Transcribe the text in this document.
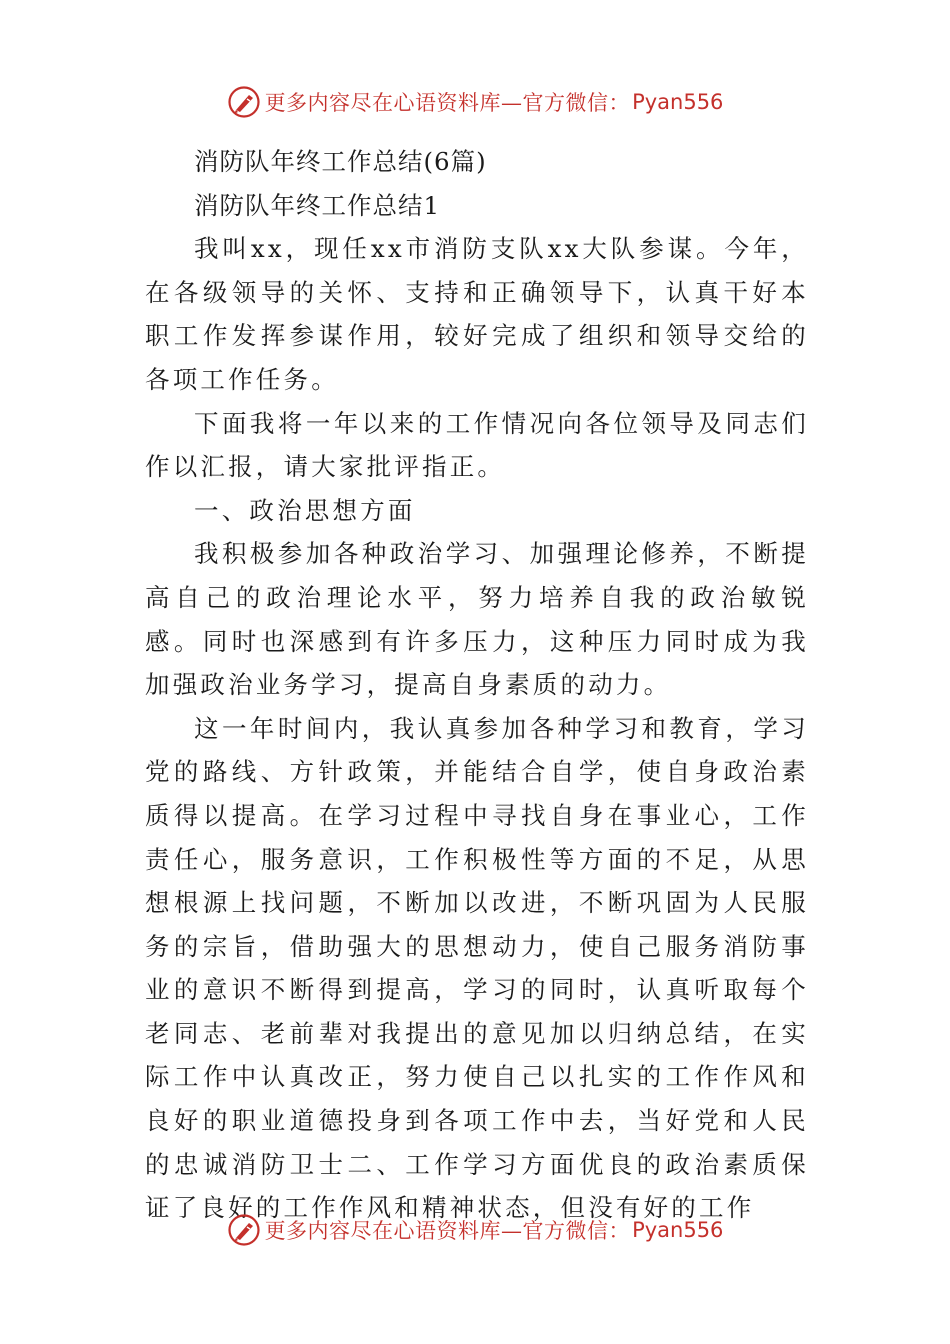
更多内容尽在心语资料库—官方微信： Pyan556

消防队年终工作总结(6篇)

消防队年终工作总结1

我叫xx，现任xx市消防支队xx大队参谋。今年，在各级领导的关怀、支持和正确领导下，认真干好本职工作发挥参谋作用，较好完成了组织和领导交给的各项工作任务。

下面我将一年以来的工作情况向各位领导及同志们作以汇报，请大家批评指正。

一、政治思想方面

我积极参加各种政治学习、加强理论修养，不断提高自己的政治理论水平，努力培养自我的政治敏锐感。同时也深感到有许多压力，这种压力同时成为我加强政治业务学习，提高自身素质的动力。

这一年时间内，我认真参加各种学习和教育，学习党的路线、方针政策，并能结合自学，使自身政治素质得以提高。在学习过程中寻找自身在事业心，工作责任心，服务意识，工作积极性等方面的不足，从思想根源上找问题，不断加以改进，不断巩固为人民服务的宗旨，借助强大的思想动力，使自己服务消防事业的意识不断得到提高，学习的同时，认真听取每个老同志、老前辈对我提出的意见加以归纳总结，在实际工作中认真改正，努力使自己以扎实的工作作风和良好的职业道德投身到各项工作中去，当好党和人民的忠诚消防卫士二、工作学习方面优良的政治素质保证了良好的工作作风和精神状态，但没有好的工作

更多内容尽在心语资料库—官方微信： Pyan556
